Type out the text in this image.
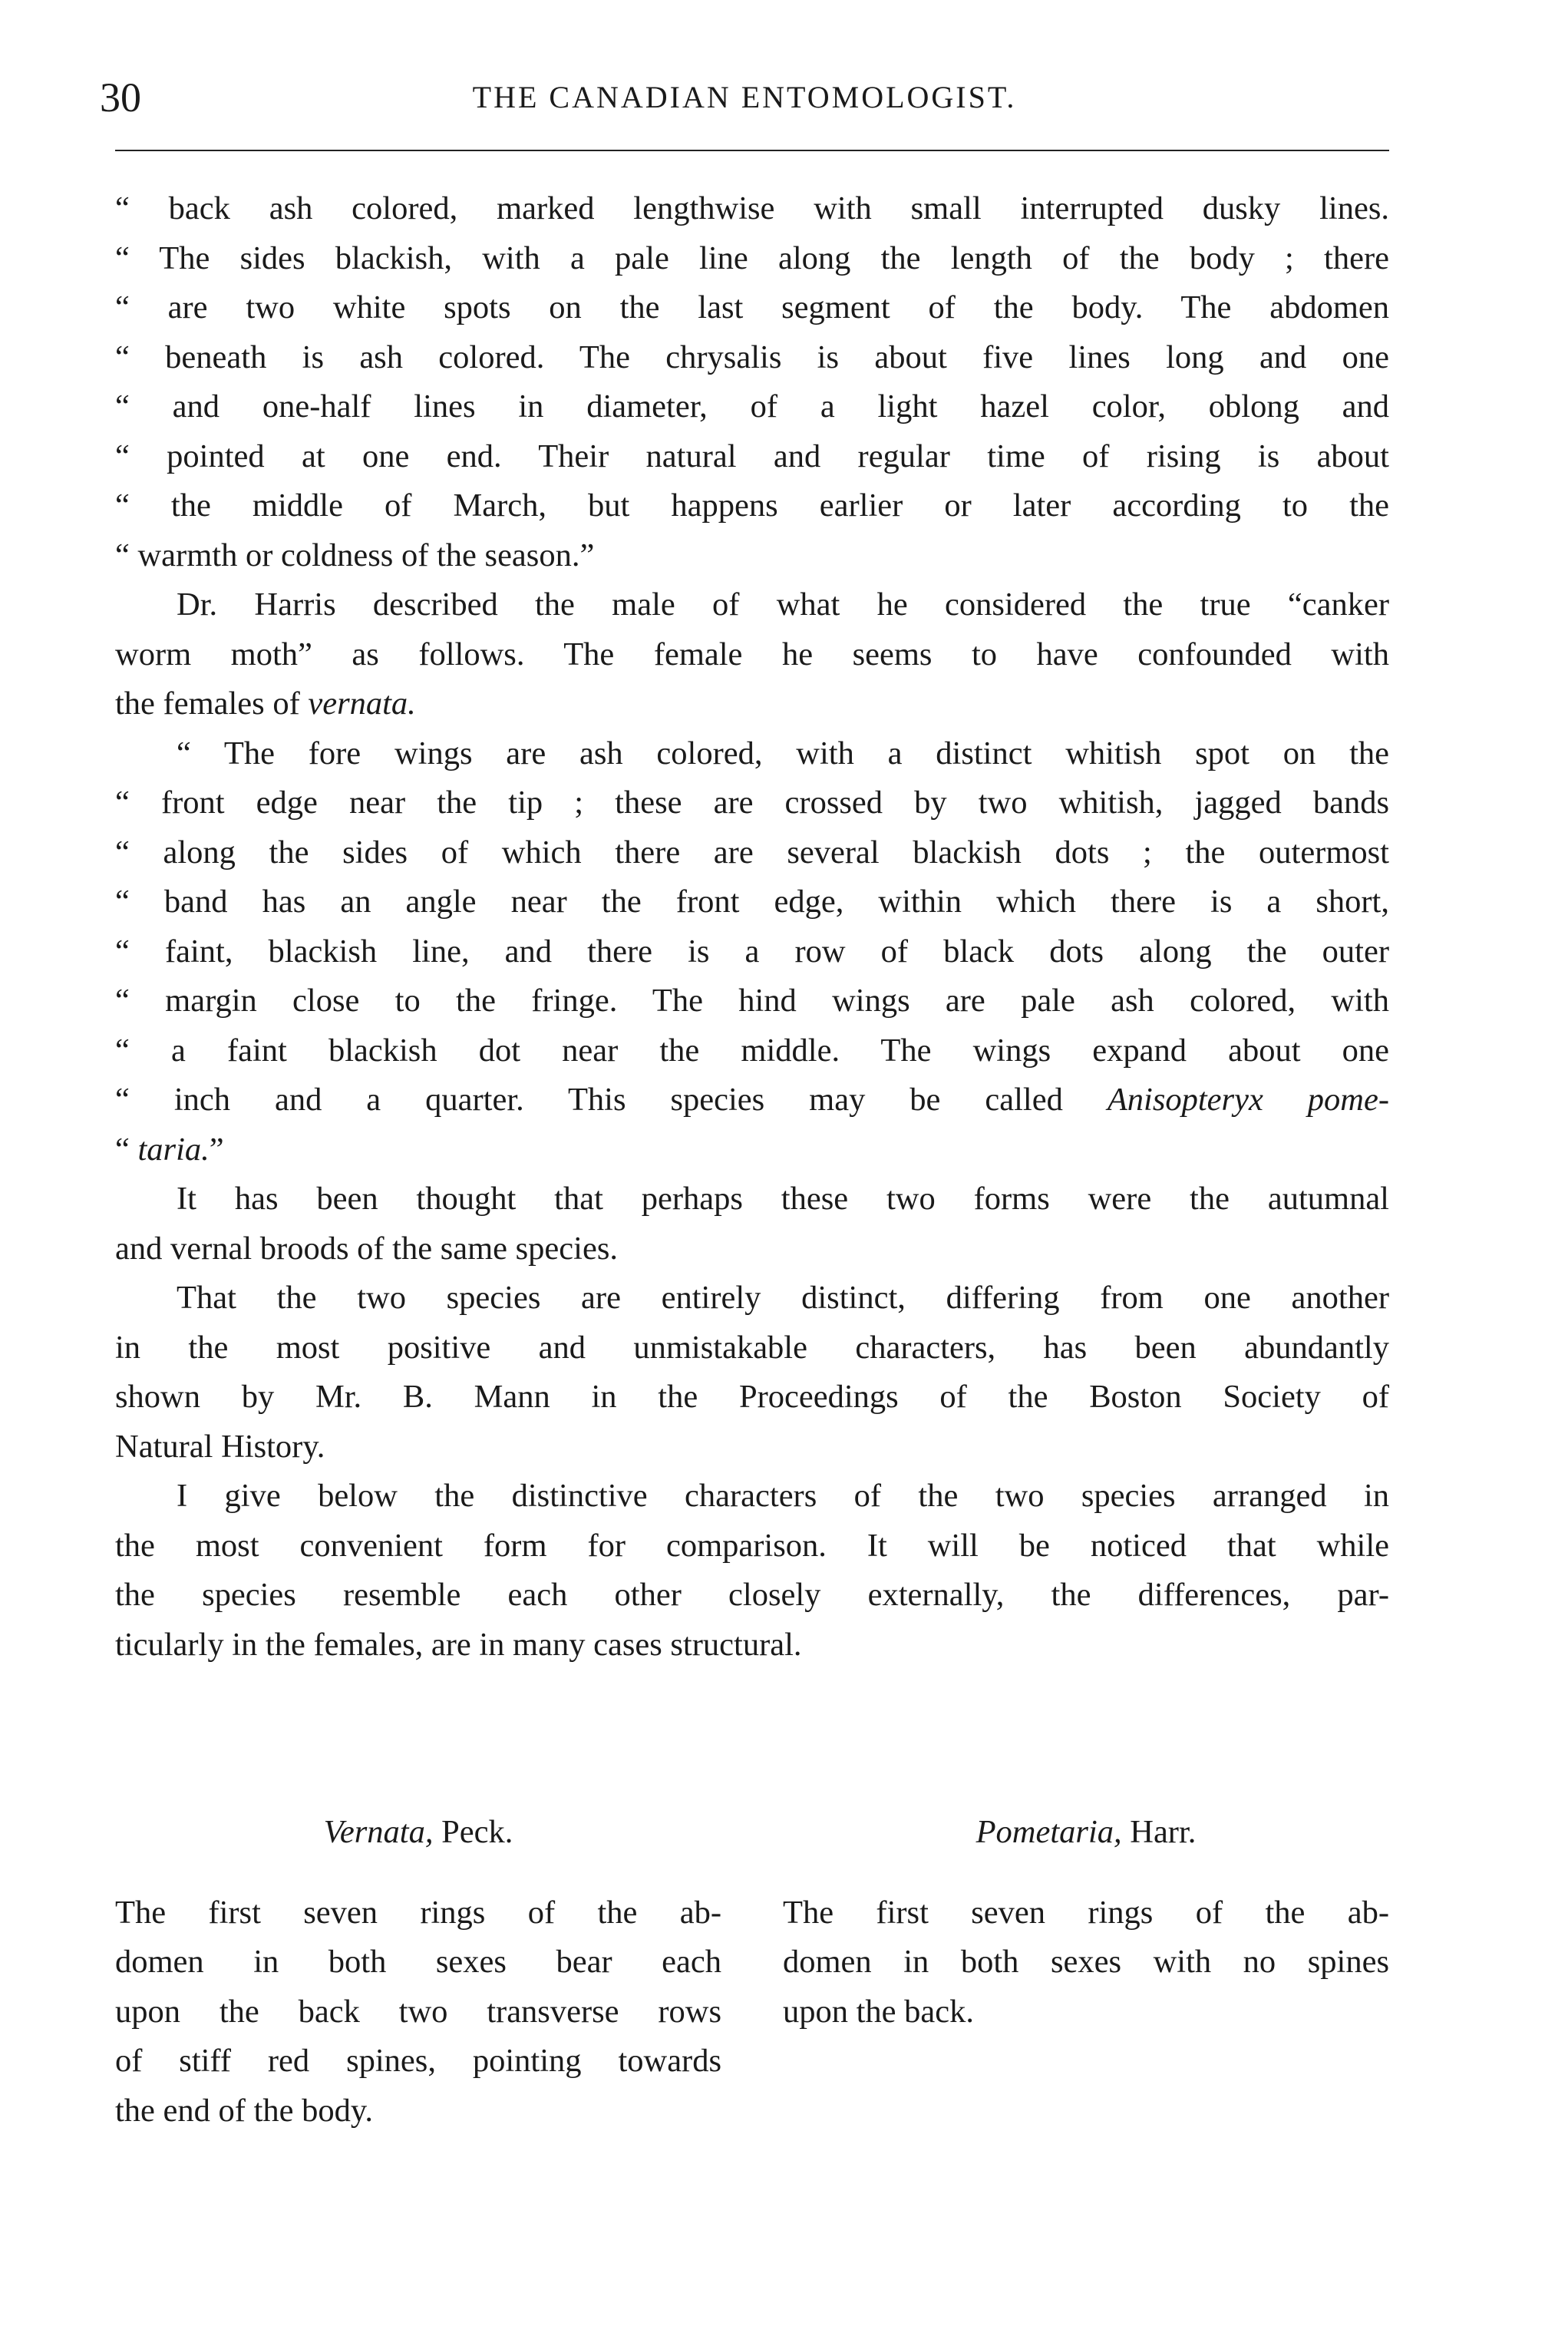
30	THE CANADIAN ENTOMOLOGIST.

“ back ash colored, marked lengthwise with small interrupted dusky lines.
“ The sides blackish, with a pale line along the length of the body ; there
“ are two white spots on the last segment of the body. The abdomen
“ beneath is ash colored. The chrysalis is about five lines long and one
“ and one-half lines in diameter, of a light hazel color, oblong and
“ pointed at one end. Their natural and regular time of rising is about
“ the middle of March, but happens earlier or later according to the
“ warmth or coldness of the season.”

Dr. Harris described the male of what he considered the true “canker
worm moth” as follows. The female he seems to have confounded with
the females of vernata.

“ The fore wings are ash colored, with a distinct whitish spot on the
“ front edge near the tip ; these are crossed by two whitish, jagged bands
“ along the sides of which there are several blackish dots ; the outermost
“ band has an angle near the front edge, within which there is a short,
“ faint, blackish line, and there is a row of black dots along the outer
“ margin close to the fringe. The hind wings are pale ash colored, with
“ a faint blackish dot near the middle. The wings expand about one
“ inch and a quarter. This species may be called Anisopteryx pome-
“ taria.”

It has been thought that perhaps these two forms were the autumnal
and vernal broods of the same species.

That the two species are entirely distinct, differing from one another
in the most positive and unmistakable characters, has been abundantly
shown by Mr. B. Mann in the Proceedings of the Boston Society of
Natural History.

I give below the distinctive characters of the two species arranged in
the most convenient form for comparison. It will be noticed that while
the species resemble each other closely externally, the differences, par-
ticularly in the females, are in many cases structural.

Vernata, Peck.
The first seven rings of the ab-
domen in both sexes bear each
upon the back two transverse rows
of stiff red spines, pointing towards
the end of the body.
Pometaria, Harr.
The first seven rings of the ab-
domen in both sexes with no spines
upon the back.
